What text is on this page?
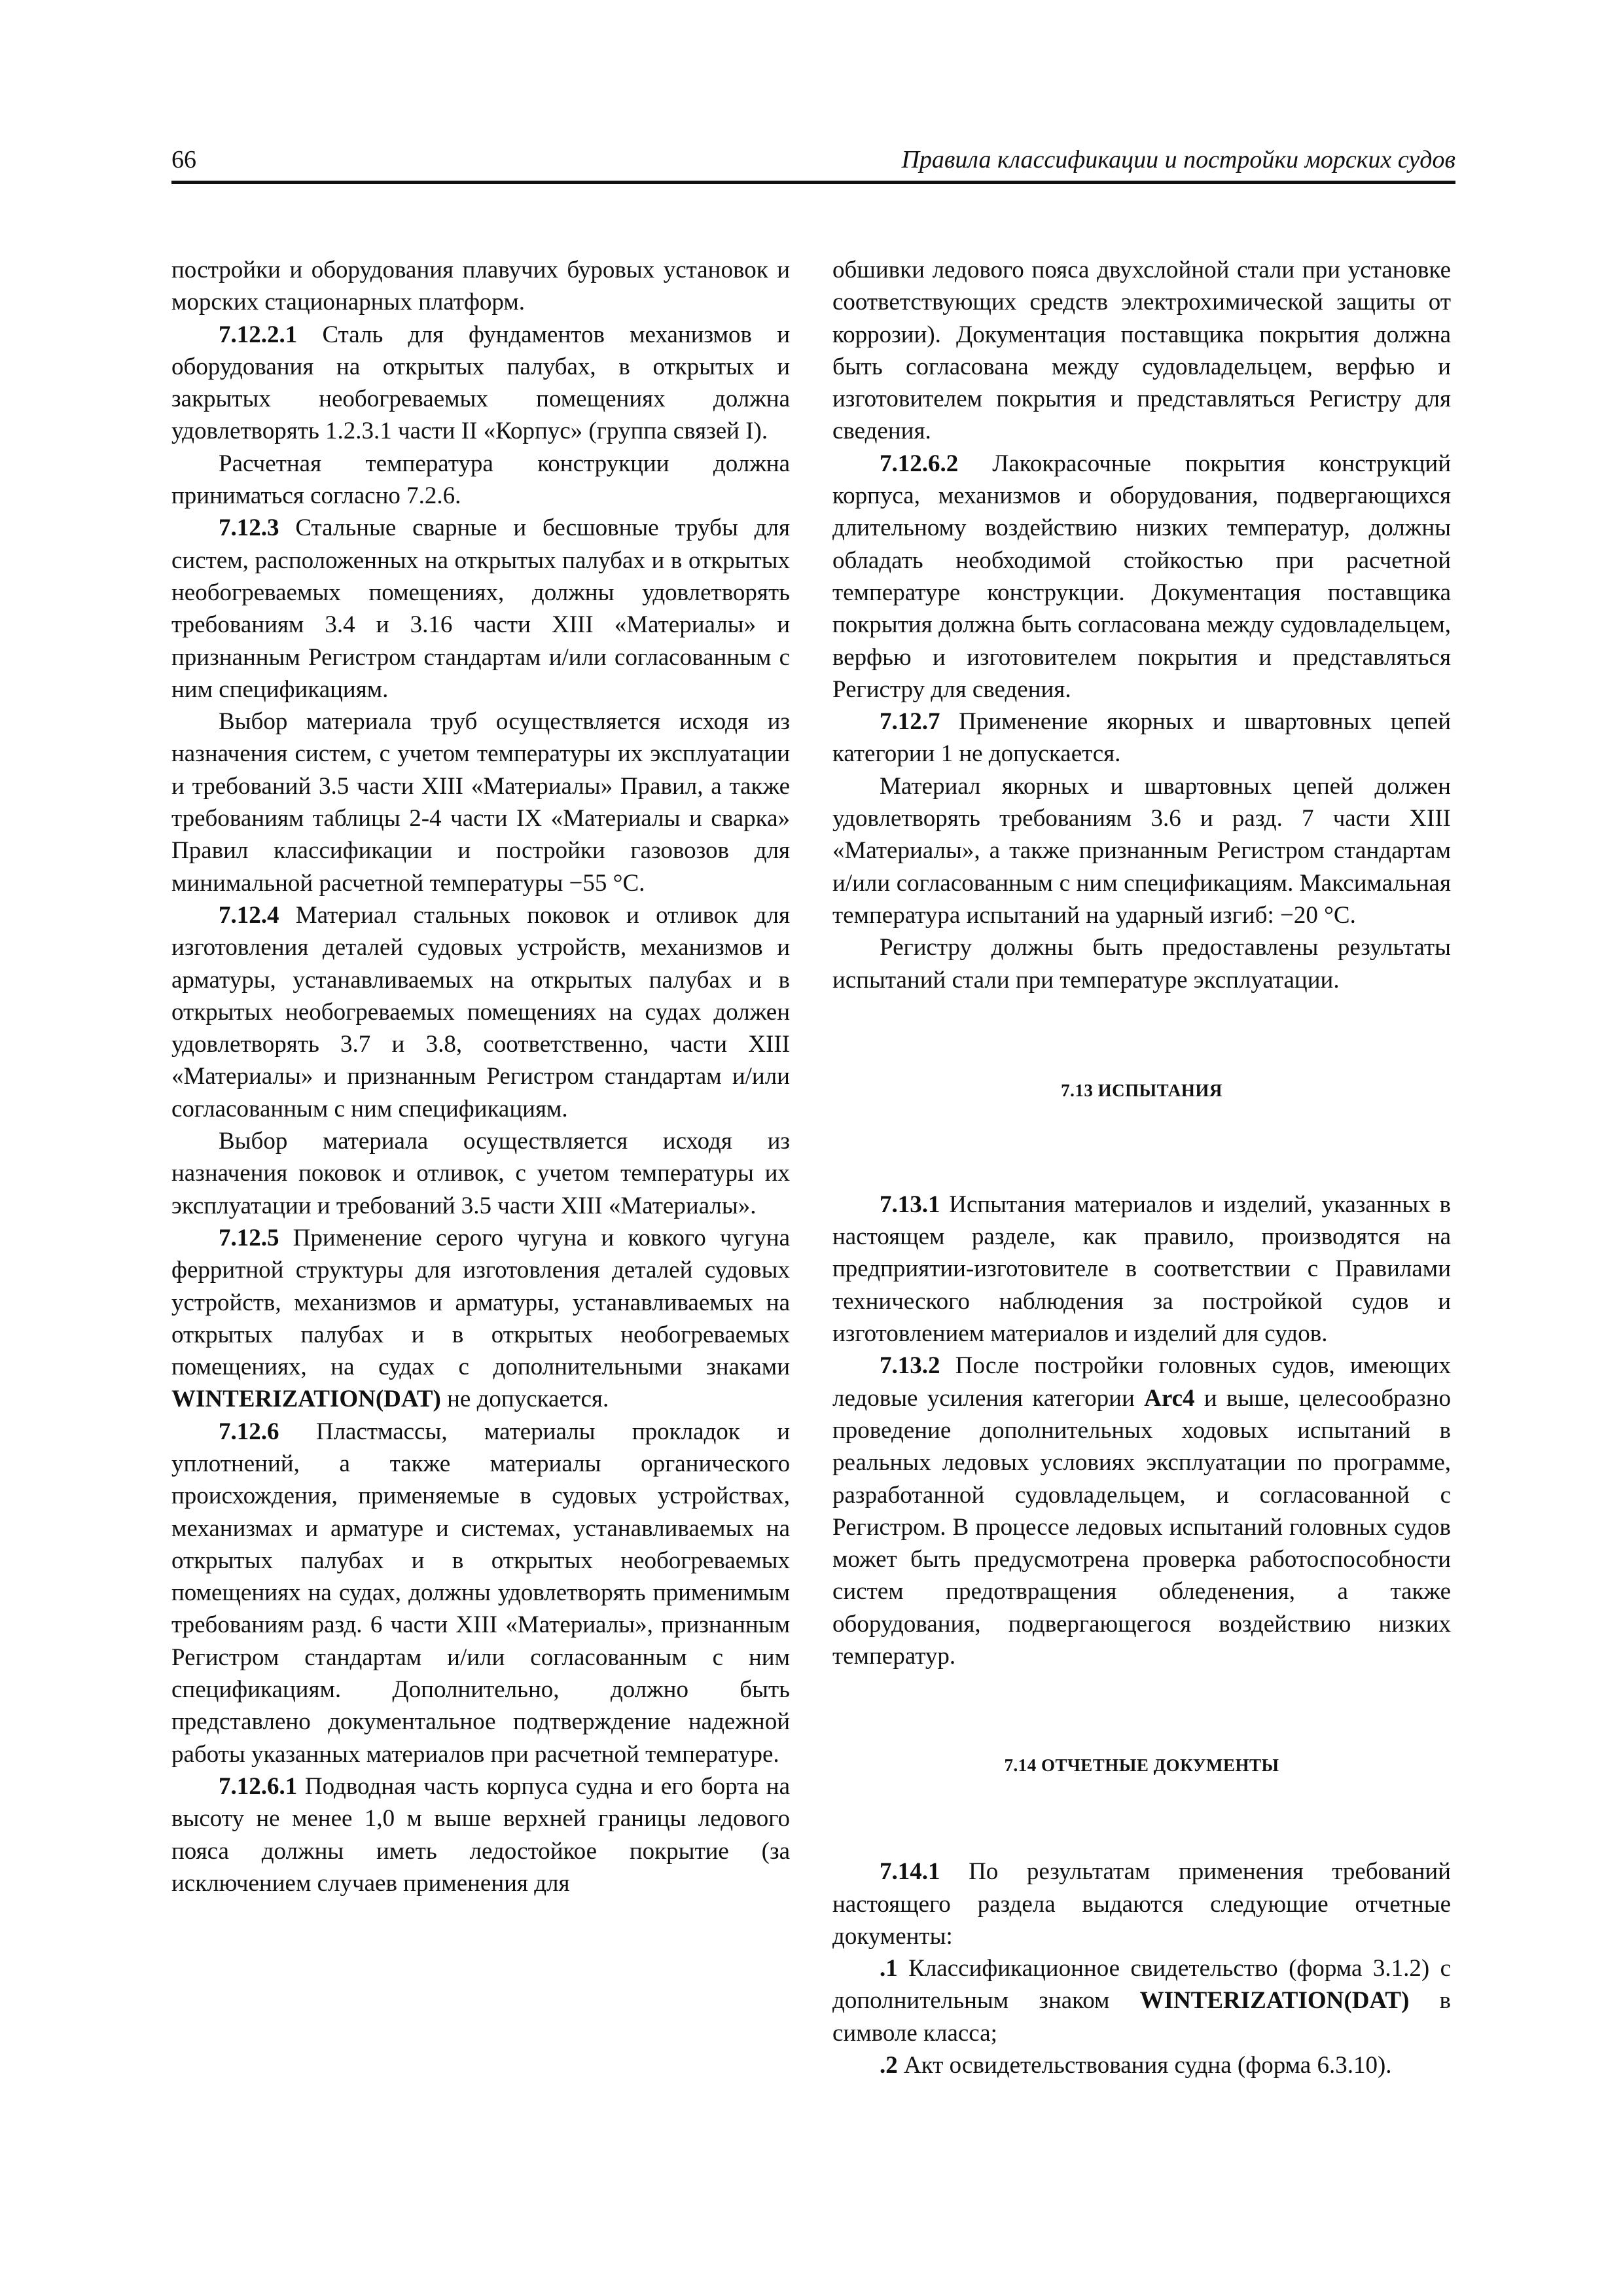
66	Правила классификации и постройки морских судов

постройки и оборудования плавучих буровых установок и морских стационарных платформ.

7.12.2.1 Сталь для фундаментов механизмов и оборудования на открытых палубах, в открытых и закрытых необогреваемых помещениях должна удовлетворять 1.2.3.1 части II «Корпус» (группа связей I).

Расчетная температура конструкции должна приниматься согласно 7.2.6.

7.12.3 Стальные сварные и бесшовные трубы для систем, расположенных на открытых палубах и в открытых необогреваемых помещениях, должны удовлетворять требованиям 3.4 и 3.16 части XIII «Материалы» и признанным Регистром стандартам и/или согласованным с ним спецификациям.

Выбор материала труб осуществляется исходя из назначения систем, с учетом температуры их эксплуатации и требований 3.5 части XIII «Материалы» Правил, а также требованиям таблицы 2-4 части IX «Материалы и сварка» Правил классификации и постройки газовозов для минимальной расчетной температуры −55 °C.

7.12.4 Материал стальных поковок и отливок для изготовления деталей судовых устройств, механизмов и арматуры, устанавливаемых на открытых палубах и в открытых необогреваемых помещениях на судах должен удовлетворять 3.7 и 3.8, соответственно, части XIII «Материалы» и признанным Регистром стандартам и/или согласованным с ним спецификациям.

Выбор материала осуществляется исходя из назначения поковок и отливок, с учетом температуры их эксплуатации и требований 3.5 части XIII «Материалы».

7.12.5 Применение серого чугуна и ковкого чугуна ферритной структуры для изготовления деталей судовых устройств, механизмов и арматуры, устанавливаемых на открытых палубах и в открытых необогреваемых помещениях, на судах с дополнительными знаками WINTERIZATION(DAT) не допускается.

7.12.6 Пластмассы, материалы прокладок и уплотнений, а также материалы органического происхождения, применяемые в судовых устройствах, механизмах и арматуре и системах, устанавливаемых на открытых палубах и в открытых необогреваемых помещениях на судах, должны удовлетворять применимым требованиям разд. 6 части XIII «Материалы», признанным Регистром стандартам и/или согласованным с ним спецификациям. Дополнительно, должно быть представлено документальное подтверждение надежной работы указанных материалов при расчетной температуре.

7.12.6.1 Подводная часть корпуса судна и его борта на высоту не менее 1,0 м выше верхней границы ледового пояса должны иметь ледостойкое покрытие (за исключением случаев применения для

обшивки ледового пояса двухслойной стали при установке соответствующих средств электрохимической защиты от коррозии). Документация поставщика покрытия должна быть согласована между судовладельцем, верфью и изготовителем покрытия и представляться Регистру для сведения.

7.12.6.2 Лакокрасочные покрытия конструкций корпуса, механизмов и оборудования, подвергающихся длительному воздействию низких температур, должны обладать необходимой стойкостью при расчетной температуре конструкции. Документация поставщика покрытия должна быть согласована между судовладельцем, верфью и изготовителем покрытия и представляться Регистру для сведения.

7.12.7 Применение якорных и швартовных цепей категории 1 не допускается.

Материал якорных и швартовных цепей должен удовлетворять требованиям 3.6 и разд. 7 части XIII «Материалы», а также признанным Регистром стандартам и/или согласованным с ним спецификациям. Максимальная температура испытаний на ударный изгиб: −20 °C.

Регистру должны быть предоставлены результаты испытаний стали при температуре эксплуатации.

7.13 ИСПЫТАНИЯ

7.13.1 Испытания материалов и изделий, указанных в настоящем разделе, как правило, производятся на предприятии-изготовителе в соответствии с Правилами технического наблюдения за постройкой судов и изготовлением материалов и изделий для судов.

7.13.2 После постройки головных судов, имеющих ледовые усиления категории Arc4 и выше, целесообразно проведение дополнительных ходовых испытаний в реальных ледовых условиях эксплуатации по программе, разработанной судовладельцем, и согласованной с Регистром. В процессе ледовых испытаний головных судов может быть предусмотрена проверка работоспособности систем предотвращения обледенения, а также оборудования, подвергающегося воздействию низких температур.

7.14 ОТЧЕТНЫЕ ДОКУМЕНТЫ

7.14.1 По результатам применения требований настоящего раздела выдаются следующие отчетные документы:

.1 Классификационное свидетельство (форма 3.1.2) с дополнительным знаком WINTERIZATION(DAT) в символе класса;

.2 Акт освидетельствования судна (форма 6.3.10).
